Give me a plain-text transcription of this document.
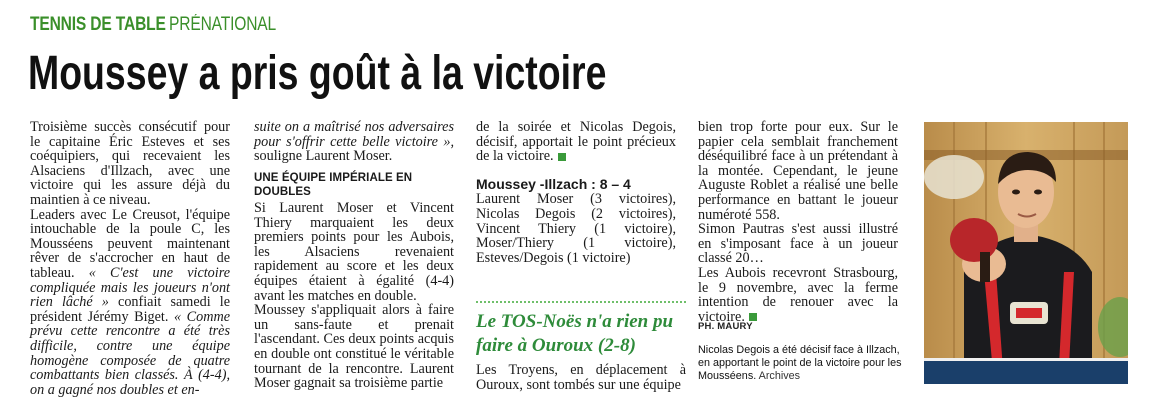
TENNIS DE TABLE PRÉNATIONAL
Moussey a pris goût à la victoire

Troisième succès consécutif pour le capitaine Éric Esteves et ses coéquipiers, qui recevaient les Alsaciens d'Illzach, avec une victoire qui les assure déjà du maintien à ce niveau.

Leaders avec Le Creusot, l'équipe intouchable de la poule C, les Mousséens peuvent maintenant rêver de s'accrocher en haut de tableau. « C'est une victoire compliquée mais les joueurs n'ont rien lâché » confiait samedi le président Jérémy Biget. « Comme prévu cette rencontre a été très difficile, contre une équipe homogène composée de quatre combattants bien classés. À (4-4), on a gagné nos doubles et en-

suite on a maîtrisé nos adversaires pour s'offrir cette belle victoire », souligne Laurent Moser.

UNE ÉQUIPE IMPÉRIALE EN DOUBLES

Si Laurent Moser et Vincent Thiery marquaient les deux premiers points pour les Aubois, les Alsaciens revenaient rapidement au score et les deux équipes étaient à égalité (4-4) avant les matches en double.

Moussey s'appliquait alors à faire un sans-faute et prenait l'ascendant. Ces deux points acquis en double ont constitué le véritable tournant de la rencontre. Laurent Moser gagnait sa troisième partie

de la soirée et Nicolas Degois, décisif, apportait le point précieux de la victoire.

Moussey -Illzach : 8 – 4

Laurent Moser (3 victoires), Nicolas Degois (2 victoires), Vincent Thiery (1 victoire), Moser/Thiery (1 victoire), Esteves/Degois (1 victoire)

Le TOS-Noës n'a rien pu faire à Ouroux (2-8)

Les Troyens, en déplacement à Ouroux, sont tombés sur une équipe

bien trop forte pour eux. Sur le papier cela semblait franchement déséquilibré face à un prétendant à la montée. Cependant, le jeune Auguste Roblet a réalisé une belle performance en battant le joueur numéroté 558.

Simon Pautras s'est aussi illustré en s'imposant face à un joueur classé 20…

Les Aubois recevront Strasbourg, le 9 novembre, avec la ferme intention de renouer avec la victoire.

PH. MAURY
Nicolas Degois a été décisif face à Illzach, en apportant le point de la victoire pour les Mousséens. Archives
